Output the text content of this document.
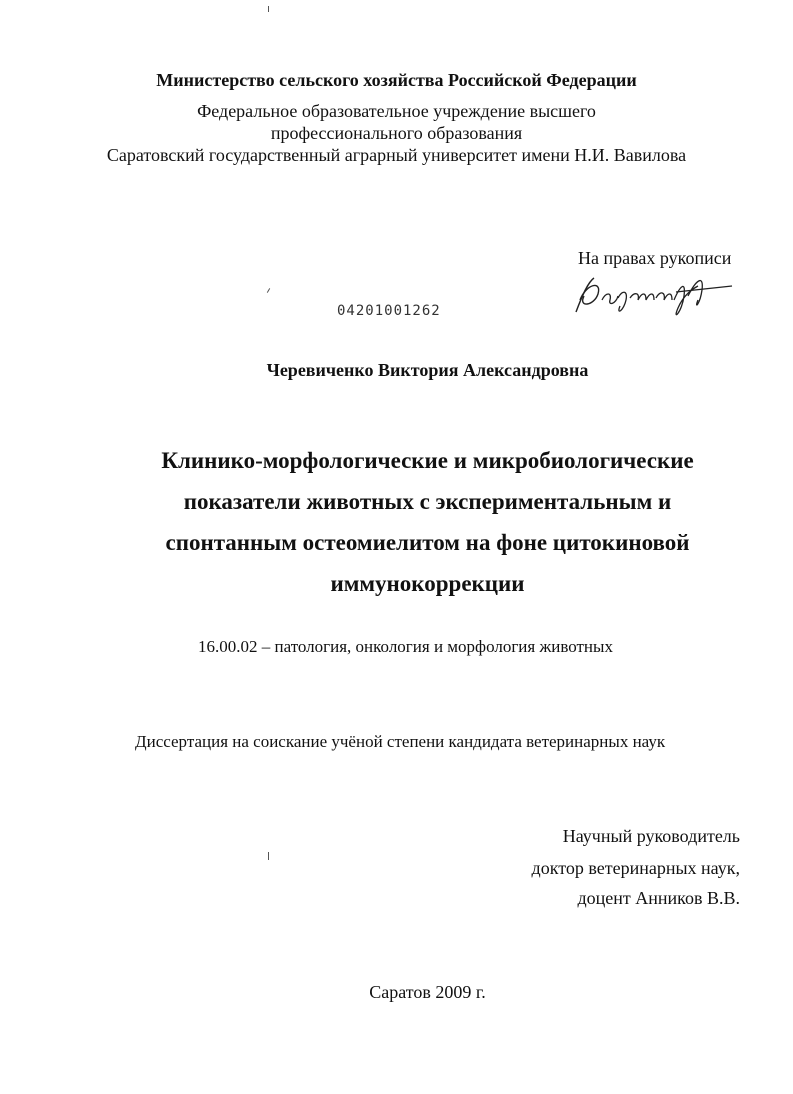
Министерство сельского хозяйства Российской Федерации
Федеральное образовательное учреждение высшего
профессионального образования
Саратовский государственный аграрный университет имени Н.И. Вавилова
На правах рукописи
04201001262
Черевиченко Виктория Александровна
Клинико-морфологические и микробиологические
показатели животных с экспериментальным и
спонтанным остеомиелитом на фоне цитокиновой
иммунокоррекции
16.00.02 – патология, онкология и морфология животных
Диссертация на соискание учёной степени кандидата ветеринарных наук
Научный руководитель
доктор ветеринарных наук,
доцент Анников В.В.
Саратов 2009 г.
